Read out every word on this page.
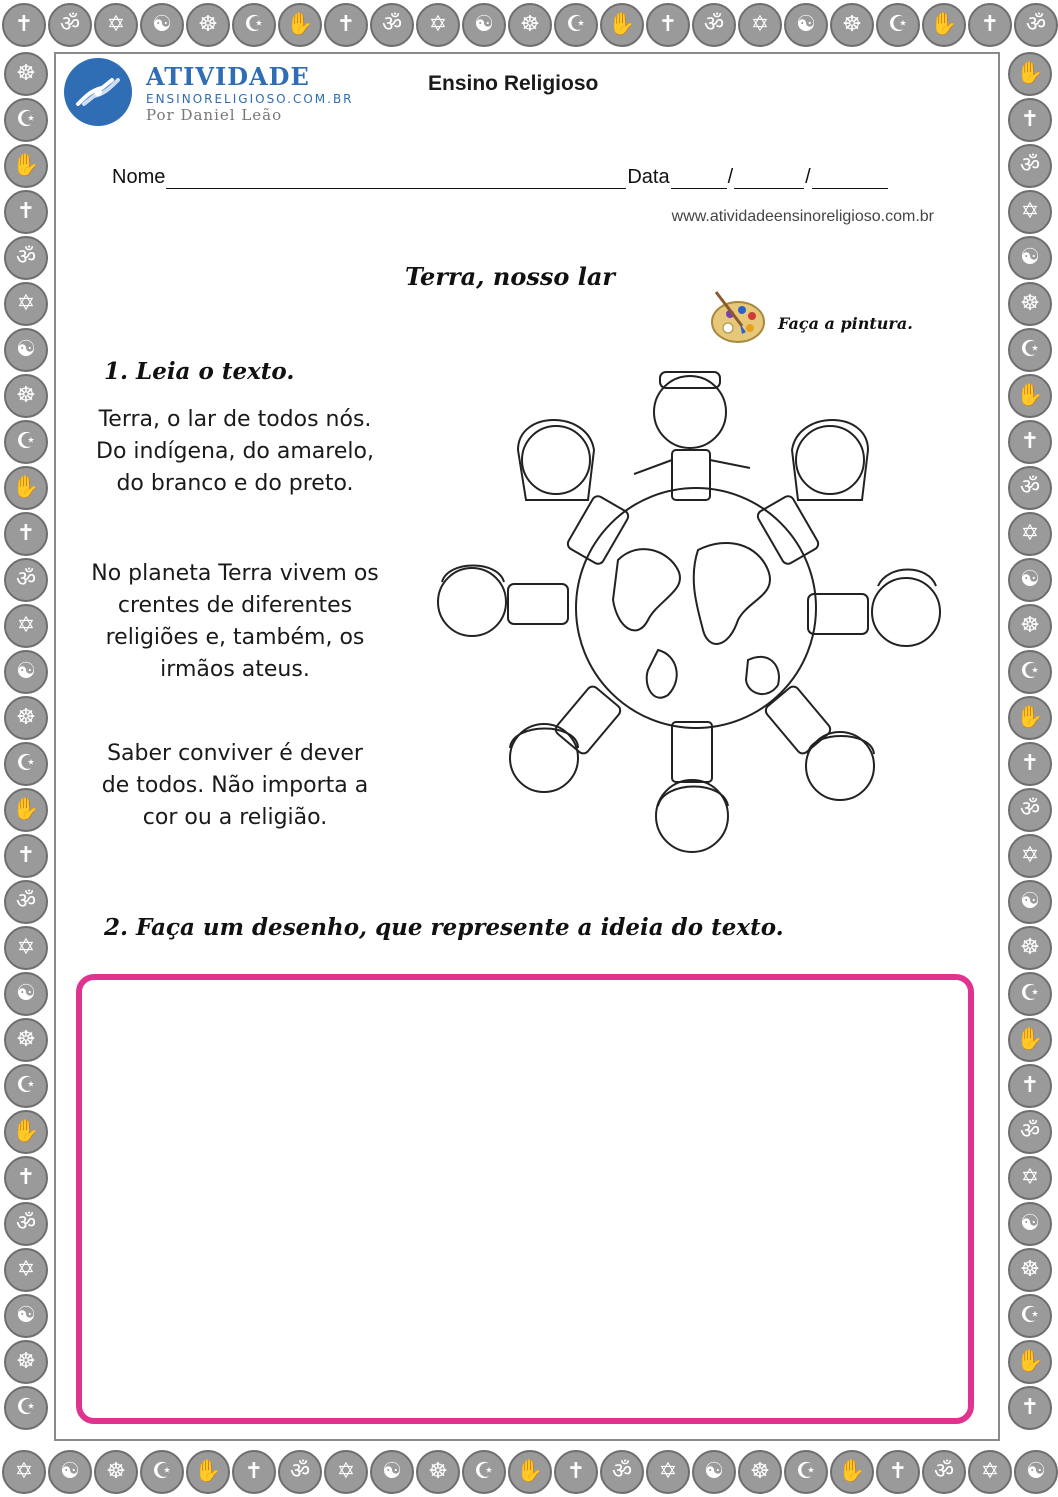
✝	ॐ	✡	☯	☸	☪	✋	✝	ॐ	✡	☯	☸	☪	✋	✝	ॐ	✡	☯	☸	☪	✋	✝	ॐ
✡	☯	☸	☪	✋	✝	ॐ	✡	☯	☸	☪	✋	✝	ॐ	✡	☯	☸	☪	✋	✝	ॐ	✡	☯
☸
☪
✋
✝
ॐ
✡
☯
☸
☪
✋
✝
ॐ
✡
☯
☸
☪
✋
✝
ॐ
✡
☯
☸
☪
✋
✝
ॐ
✡
☯
☸
☪
✋
✝
ॐ
✡
☯
☸
☪
✋
✝
ॐ
✡
☯
☸
☪
✋
✝
ॐ
✡
☯
☸
☪
✋
✝
ॐ
✡
☯
☸
☪
✋
✝
ATIVIDADE
ENSINORELIGIOSO.COM.BR
Por Daniel Leão
Ensino Religioso
Nome	Data	/	/
www.atividadeensinoreligioso.com.br
Terra, nosso lar
Faça a pintura.
1. Leia o texto.
Terra, o lar de todos nós. Do indígena, do amarelo, do branco e do preto.
No planeta Terra vivem os crentes de diferentes religiões e, também, os irmãos ateus.
Saber conviver é dever de todos. Não importa a cor ou a religião.
2. Faça um desenho, que represente a ideia do texto.
